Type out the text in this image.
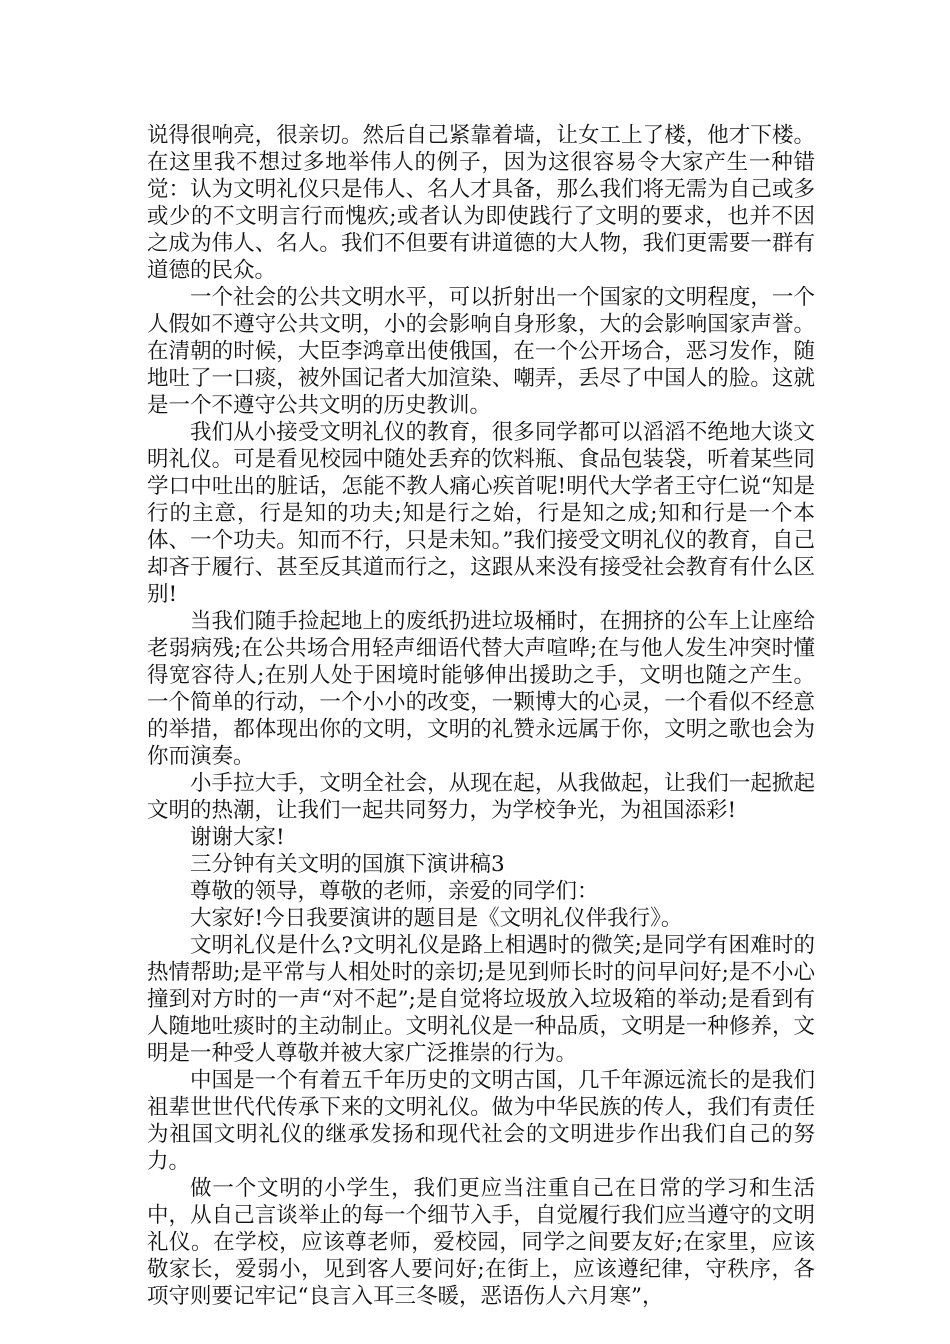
说得很响亮，很亲切。然后自己紧靠着墙，让女工上了楼，他才下楼。在这里我不想过多地举伟人的例子，因为这很容易令大家产生一种错觉：认为文明礼仪只是伟人、名人才具备，那么我们将无需为自己或多或少的不文明言行而愧疚;或者认为即使践行了文明的要求，也并不因之成为伟人、名人。我们不但要有讲道德的大人物，我们更需要一群有道德的民众。

一个社会的公共文明水平，可以折射出一个国家的文明程度，一个人假如不遵守公共文明，小的会影响自身形象，大的会影响国家声誉。在清朝的时候，大臣李鸿章出使俄国，在一个公开场合，恶习发作，随地吐了一口痰，被外国记者大加渲染、嘲弄，丢尽了中国人的脸。这就是一个不遵守公共文明的历史教训。

我们从小接受文明礼仪的教育，很多同学都可以滔滔不绝地大谈文明礼仪。可是看见校园中随处丢弃的饮料瓶、食品包装袋，听着某些同学口中吐出的脏话，怎能不教人痛心疾首呢!明代大学者王守仁说“知是行的主意，行是知的功夫;知是行之始，行是知之成;知和行是一个本体、一个功夫。知而不行，只是未知。”我们接受文明礼仪的教育，自己却吝于履行、甚至反其道而行之，这跟从来没有接受社会教育有什么区别!

当我们随手捡起地上的废纸扔进垃圾桶时，在拥挤的公车上让座给老弱病残;在公共场合用轻声细语代替大声喧哗;在与他人发生冲突时懂得宽容待人;在别人处于困境时能够伸出援助之手，文明也随之产生。一个简单的行动，一个小小的改变，一颗博大的心灵，一个看似不经意的举措，都体现出你的文明，文明的礼赞永远属于你，文明之歌也会为你而演奏。

小手拉大手，文明全社会，从现在起，从我做起，让我们一起掀起文明的热潮，让我们一起共同努力，为学校争光，为祖国添彩!

谢谢大家!

三分钟有关文明的国旗下演讲稿3

尊敬的领导，尊敬的老师，亲爱的同学们：

大家好!今日我要演讲的题目是《文明礼仪伴我行》。

文明礼仪是什么?文明礼仪是路上相遇时的微笑;是同学有困难时的热情帮助;是平常与人相处时的亲切;是见到师长时的问早问好;是不小心撞到对方时的一声“对不起”;是自觉将垃圾放入垃圾箱的举动;是看到有人随地吐痰时的主动制止。文明礼仪是一种品质，文明是一种修养，文明是一种受人尊敬并被大家广泛推崇的行为。

中国是一个有着五千年历史的文明古国，几千年源远流长的是我们祖辈世世代代传承下来的文明礼仪。做为中华民族的传人，我们有责任为祖国文明礼仪的继承发扬和现代社会的文明进步作出我们自己的努力。

做一个文明的小学生，我们更应当注重自己在日常的学习和生活中，从自己言谈举止的每一个细节入手，自觉履行我们应当遵守的文明礼仪。在学校，应该尊老师，爱校园，同学之间要友好;在家里，应该敬家长，爱弱小，见到客人要问好;在街上，应该遵纪律，守秩序，各项守则要记牢记“良言入耳三冬暖，恶语伤人六月寒”，
